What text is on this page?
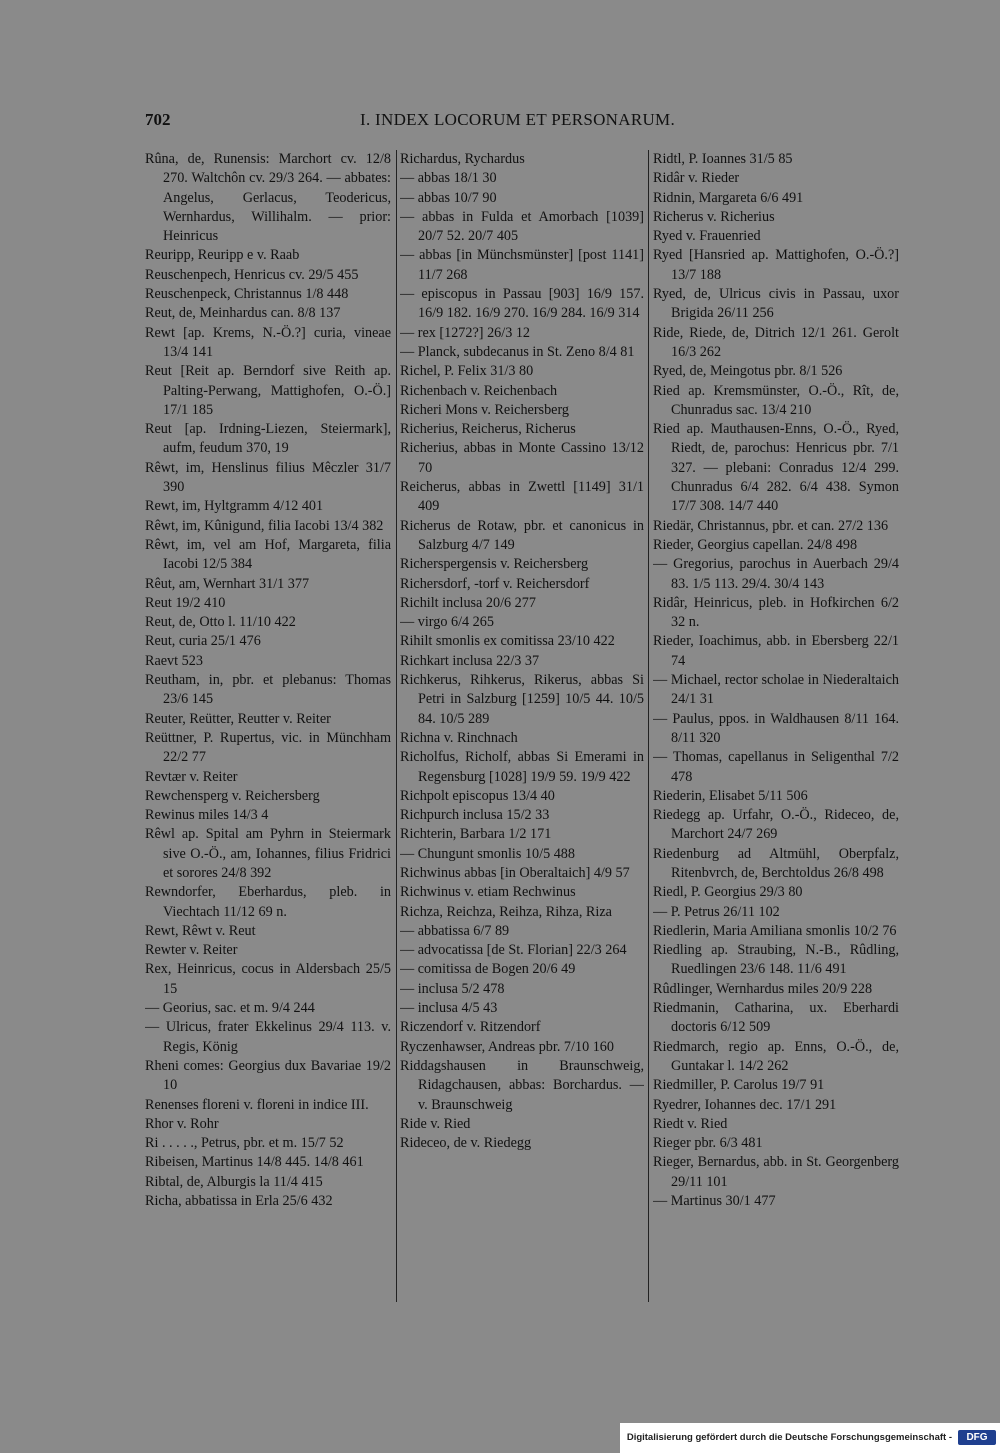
702	I. INDEX LOCORUM ET PERSONARUM.

Rûna, de, Runensis: Marchort cv. 12/8 270. Waltchôn cv. 29/3 264. — abbates: Angelus, Gerlacus, Teodericus, Wernhardus, Willihalm. — prior: Heinricus

Reuripp, Reuripp e v. Raab

Reuschenpech, Henricus cv. 29/5 455

Reuschenpeck, Christannus 1/8 448

Reut, de, Meinhardus can. 8/8 137

Rewt [ap. Krems, N.-Ö.?] curia, vineae 13/4 141

Reut [Reit ap. Berndorf sive Reith ap. Palting-Perwang, Mattighofen, O.-Ö.] 17/1 185

Reut [ap. Irdning-Liezen, Steiermark], aufm, feudum 370, 19

Rêwt, im, Henslinus filius Mêczler 31/7 390

Rewt, im, Hyltgramm 4/12 401

Rêwt, im, Kûnigund, filia Iacobi 13/4 382

Rêwt, im, vel am Hof, Margareta, filia Iacobi 12/5 384

Rêut, am, Wernhart 31/1 377

Reut 19/2 410

Reut, de, Otto l. 11/10 422

Reut, curia 25/1 476

Raevt 523

Reutham, in, pbr. et plebanus: Thomas 23/6 145

Reuter, Reütter, Reutter v. Reiter

Reüttner, P. Rupertus, vic. in Münchham 22/2 77

Revtær v. Reiter

Rewchensperg v. Reichersberg

Rewinus miles 14/3 4

Rêwl ap. Spital am Pyhrn in Steiermark sive O.-Ö., am, Iohannes, filius Fridrici et sorores 24/8 392

Rewndorfer, Eberhardus, pleb. in Viechtach 11/12 69 n.

Rewt, Rêwt v. Reut

Rewter v. Reiter

Rex, Heinricus, cocus in Aldersbach 25/5 15

— Georius, sac. et m. 9/4 244

— Ulricus, frater Ekkelinus 29/4 113. v. Regis, König

Rheni comes: Georgius dux Bavariae 19/2 10

Renenses floreni v. floreni in indice III.

Rhor v. Rohr

Ri . . . . ., Petrus, pbr. et m. 15/7 52

Ribeisen, Martinus 14/8 445. 14/8 461

Ribtal, de, Alburgis la 11/4 415

Richa, abbatissa in Erla 25/6 432

Richardus, Rychardus

— abbas 18/1 30

— abbas 10/7 90

— abbas in Fulda et Amorbach [1039] 20/7 52. 20/7 405

— abbas [in Münchsmünster] [post 1141] 11/7 268

— episcopus in Passau [903] 16/9 157. 16/9 182. 16/9 270. 16/9 284. 16/9 314

— rex [1272?] 26/3 12

— Planck, subdecanus in St. Zeno 8/4 81

Richel, P. Felix 31/3 80

Richenbach v. Reichenbach

Richeri Mons v. Reichersberg

Richerius, Reicherus, Richerus

Richerius, abbas in Monte Cassino 13/12 70

Reicherus, abbas in Zwettl [1149] 31/1 409

Richerus de Rotaw, pbr. et canonicus in Salzburg 4/7 149

Richerspergensis v. Reichersberg

Richersdorf, -torf v. Reichersdorf

Richilt inclusa 20/6 277

— virgo 6/4 265

Rihilt smonlis ex comitissa 23/10 422

Richkart inclusa 22/3 37

Richkerus, Rihkerus, Rikerus, abbas Si Petri in Salzburg [1259] 10/5 44. 10/5 84. 10/5 289

Richna v. Rinchnach

Richolfus, Richolf, abbas Si Emerami in Regensburg [1028] 19/9 59. 19/9 422

Richpolt episcopus 13/4 40

Richpurch inclusa 15/2 33

Richterin, Barbara 1/2 171

— Chungunt smonlis 10/5 488

Richwinus abbas [in Oberaltaich] 4/9 57

Richwinus v. etiam Rechwinus

Richza, Reichza, Reihza, Rihza, Riza

— abbatissa 6/7 89

— advocatissa [de St. Florian] 22/3 264

— comitissa de Bogen 20/6 49

— inclusa 5/2 478

— inclusa 4/5 43

Riczendorf v. Ritzendorf

Ryczenhawser, Andreas pbr. 7/10 160

Riddagshausen in Braunschweig, Ridagchausen, abbas: Borchardus. — v. Braunschweig

Ride v. Ried

Rideceo, de v. Riedegg

Ridtl, P. Ioannes 31/5 85

Ridâr v. Rieder

Ridnin, Margareta 6/6 491

Richerus v. Richerius

Ryed v. Frauenried

Ryed [Hansried ap. Mattighofen, O.-Ö.?] 13/7 188

Ryed, de, Ulricus civis in Passau, uxor Brigida 26/11 256

Ride, Riede, de, Ditrich 12/1 261. Gerolt 16/3 262

Ryed, de, Meingotus pbr. 8/1 526

Ried ap. Kremsmünster, O.-Ö., Rît, de, Chunradus sac. 13/4 210

Ried ap. Mauthausen-Enns, O.-Ö., Ryed, Riedt, de, parochus: Henricus pbr. 7/1 327. — plebani: Conradus 12/4 299. Chunradus 6/4 282. 6/4 438. Symon 17/7 308. 14/7 440

Riedär, Christannus, pbr. et can. 27/2 136

Rieder, Georgius capellan. 24/8 498

— Gregorius, parochus in Auerbach 29/4 83. 1/5 113. 29/4. 30/4 143

Ridâr, Heinricus, pleb. in Hofkirchen 6/2 32 n.

Rieder, Ioachimus, abb. in Ebersberg 22/1 74

— Michael, rector scholae in Niederaltaich 24/1 31

— Paulus, ppos. in Waldhausen 8/11 164. 8/11 320

— Thomas, capellanus in Seligenthal 7/2 478

Riederin, Elisabet 5/11 506

Riedegg ap. Urfahr, O.-Ö., Rideceo, de, Marchort 24/7 269

Riedenburg ad Altmühl, Oberpfalz, Ritenbvrch, de, Berchtoldus 26/8 498

Riedl, P. Georgius 29/3 80

— P. Petrus 26/11 102

Riedlerin, Maria Amiliana smonlis 10/2 76

Riedling ap. Straubing, N.-B., Rûdling, Ruedlingen 23/6 148. 11/6 491

Rûdlinger, Wernhardus miles 20/9 228

Riedmanin, Catharina, ux. Eberhardi doctoris 6/12 509

Riedmarch, regio ap. Enns, O.-Ö., de, Guntakar l. 14/2 262

Riedmiller, P. Carolus 19/7 91

Ryedrer, Iohannes dec. 17/1 291

Riedt v. Ried

Rieger pbr. 6/3 481

Rieger, Bernardus, abb. in St. Georgenberg 29/11 101

— Martinus 30/1 477

Digitalisierung gefördert durch die Deutsche Forschungsgemeinschaft -	DFG
